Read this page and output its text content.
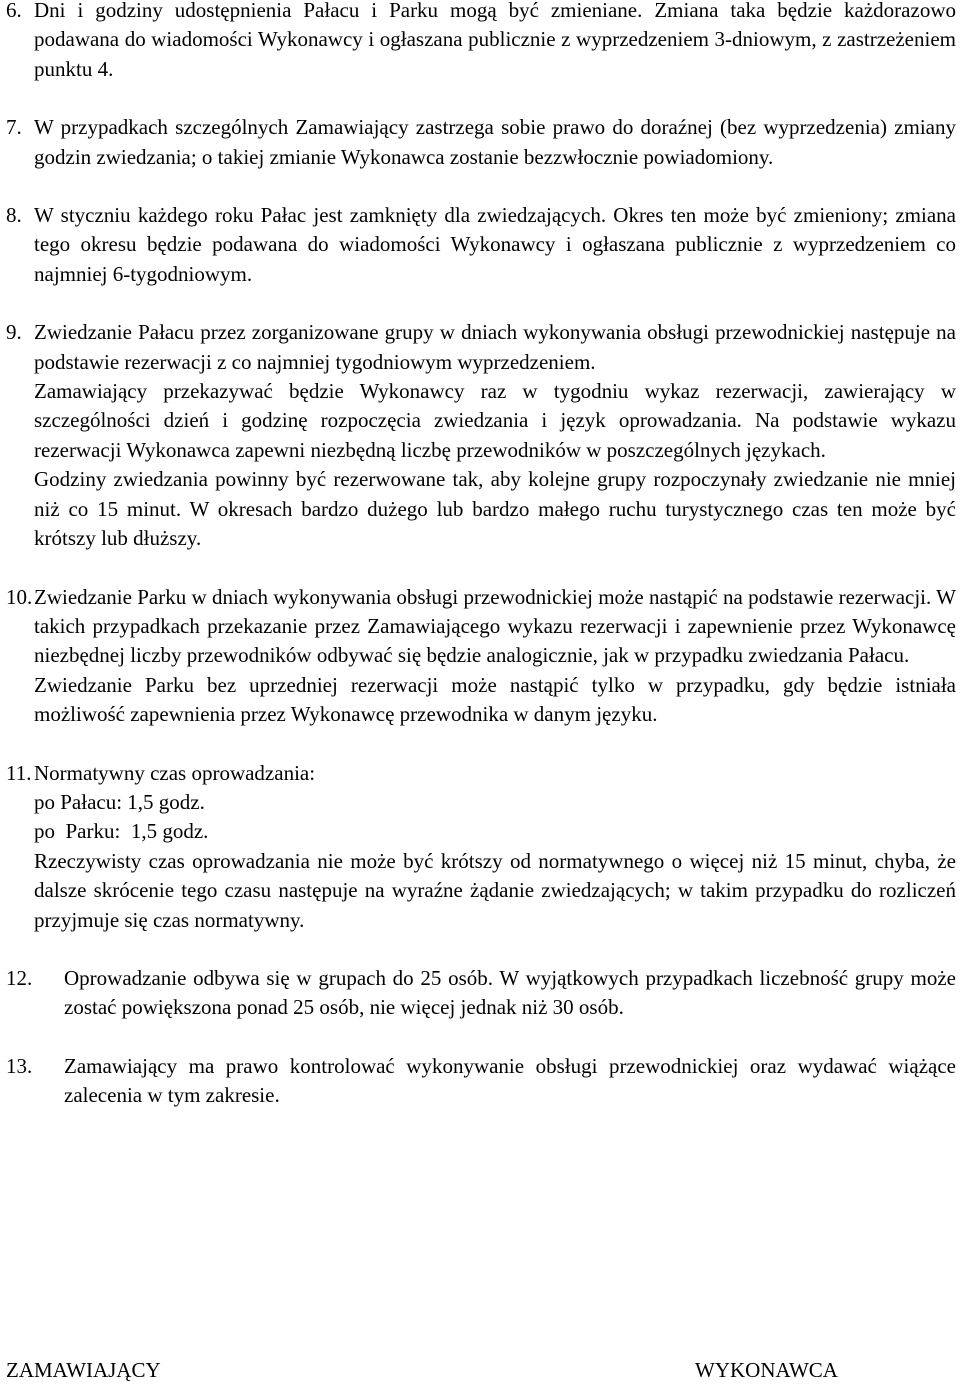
6. Dni i godziny udostępnienia Pałacu i Parku mogą być zmieniane. Zmiana taka będzie każdorazowo podawana do wiadomości Wykonawcy i ogłaszana publicznie z wyprzedzeniem 3-dniowym, z zastrzeżeniem punktu 4.

7. W przypadkach szczególnych Zamawiający zastrzega sobie prawo do doraźnej (bez wyprzedzenia) zmiany godzin zwiedzania; o takiej zmianie Wykonawca zostanie bezzwłocznie powiadomiony.

8. W styczniu każdego roku Pałac jest zamknięty dla zwiedzających. Okres ten może być zmieniony; zmiana tego okresu będzie podawana do wiadomości Wykonawcy i ogłaszana publicznie z wyprzedzeniem co najmniej 6-tygodniowym.

9. Zwiedzanie Pałacu przez zorganizowane grupy w dniach wykonywania obsługi przewodnickiej następuje na podstawie rezerwacji z co najmniej tygodniowym wyprzedzeniem.

Zamawiający przekazywać będzie Wykonawcy raz w tygodniu wykaz rezerwacji, zawierający w szczególności dzień i godzinę rozpoczęcia zwiedzania i język oprowadzania. Na podstawie wykazu rezerwacji Wykonawca zapewni niezbędną liczbę przewodników w poszczególnych językach.

Godziny zwiedzania powinny być rezerwowane tak, aby kolejne grupy rozpoczynały zwiedzanie nie mniej niż co 15 minut. W okresach bardzo dużego lub bardzo małego ruchu turystycznego czas ten może być krótszy lub dłuższy.

10. Zwiedzanie Parku w dniach wykonywania obsługi przewodnickiej może nastąpić na podstawie rezerwacji. W takich przypadkach przekazanie przez Zamawiającego wykazu rezerwacji i zapewnienie przez Wykonawcę niezbędnej liczby przewodników odbywać się będzie analogicznie, jak w przypadku zwiedzania Pałacu.

Zwiedzanie Parku bez uprzedniej rezerwacji może nastąpić tylko w przypadku, gdy będzie istniała możliwość zapewnienia przez Wykonawcę przewodnika w danym języku.

11. Normatywny czas oprowadzania:

po Pałacu: 1,5 godz.

po  Parku:  1,5 godz.

Rzeczywisty czas oprowadzania nie może być krótszy od normatywnego o więcej niż 15 minut, chyba, że dalsze skrócenie tego czasu następuje na wyraźne żądanie zwiedzających; w takim przypadku do rozliczeń przyjmuje się czas normatywny.

12. Oprowadzanie odbywa się w grupach do 25 osób. W wyjątkowych przypadkach liczebność grupy może zostać powiększona ponad 25 osób, nie więcej jednak niż 30 osób.

13. Zamawiający ma prawo kontrolować wykonywanie obsługi przewodnickiej oraz wydawać wiążące zalecenia w tym zakresie.

ZAMAWIAJĄCY	WYKONAWCA
